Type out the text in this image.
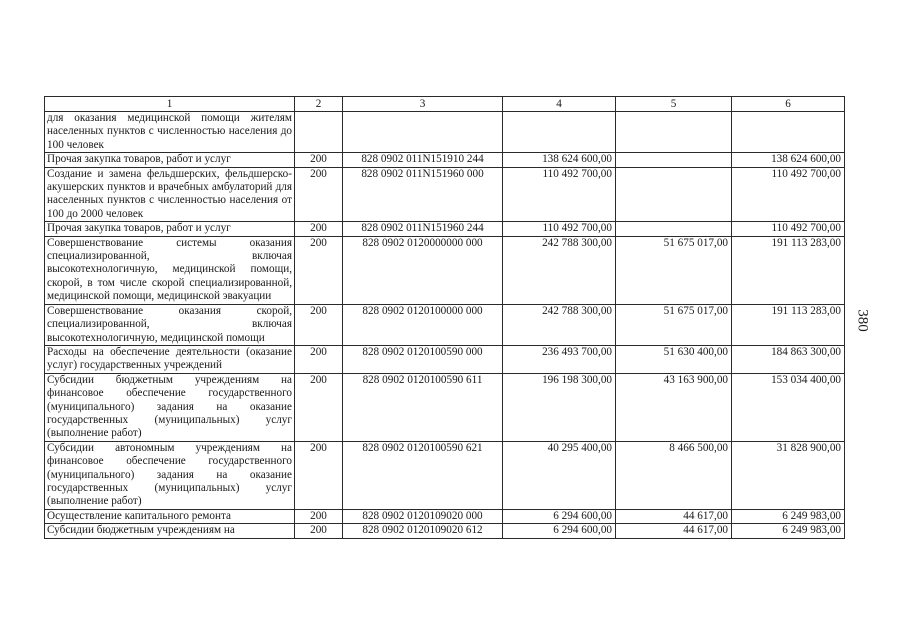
380
1	2	3	4	5	6
для оказания медицинской помощи жителям населенных пунктов с численностью населения до 100 человек					
Прочая закупка товаров, работ и услуг	200	828 0902 011N151910 244	138 624 600,00		138 624 600,00
Создание и замена фельдшерских, фельдшерско-акушерских пунктов и врачебных амбулаторий для населенных пунктов с численностью населения от 100 до 2000 человек	200	828 0902 011N151960 000	110 492 700,00		110 492 700,00
Прочая закупка товаров, работ и услуг	200	828 0902 011N151960 244	110 492 700,00		110 492 700,00
Совершенствование системы оказания специализированной, включая высокотехнологичную, медицинской помощи, скорой, в том числе скорой специализированной, медицинской помощи, медицинской эвакуации	200	828 0902 0120000000 000	242 788 300,00	51 675 017,00	191 113 283,00
Совершенствование оказания скорой, специализированной, включая высокотехнологичную, медицинской помощи	200	828 0902 0120100000 000	242 788 300,00	51 675 017,00	191 113 283,00
Расходы на обеспечение деятельности (оказание услуг) государственных учреждений	200	828 0902 0120100590 000	236 493 700,00	51 630 400,00	184 863 300,00
Субсидии бюджетным учреждениям на финансовое обеспечение государственного (муниципального) задания на оказание государственных (муниципальных) услуг (выполнение работ)	200	828 0902 0120100590 611	196 198 300,00	43 163 900,00	153 034 400,00
Субсидии автономным учреждениям на финансовое обеспечение государственного (муниципального) задания на оказание государственных (муниципальных) услуг (выполнение работ)	200	828 0902 0120100590 621	40 295 400,00	8 466 500,00	31 828 900,00
Осуществление капитального ремонта	200	828 0902 0120109020 000	6 294 600,00	44 617,00	6 249 983,00
Субсидии бюджетным учреждениям на	200	828 0902 0120109020 612	6 294 600,00	44 617,00	6 249 983,00
